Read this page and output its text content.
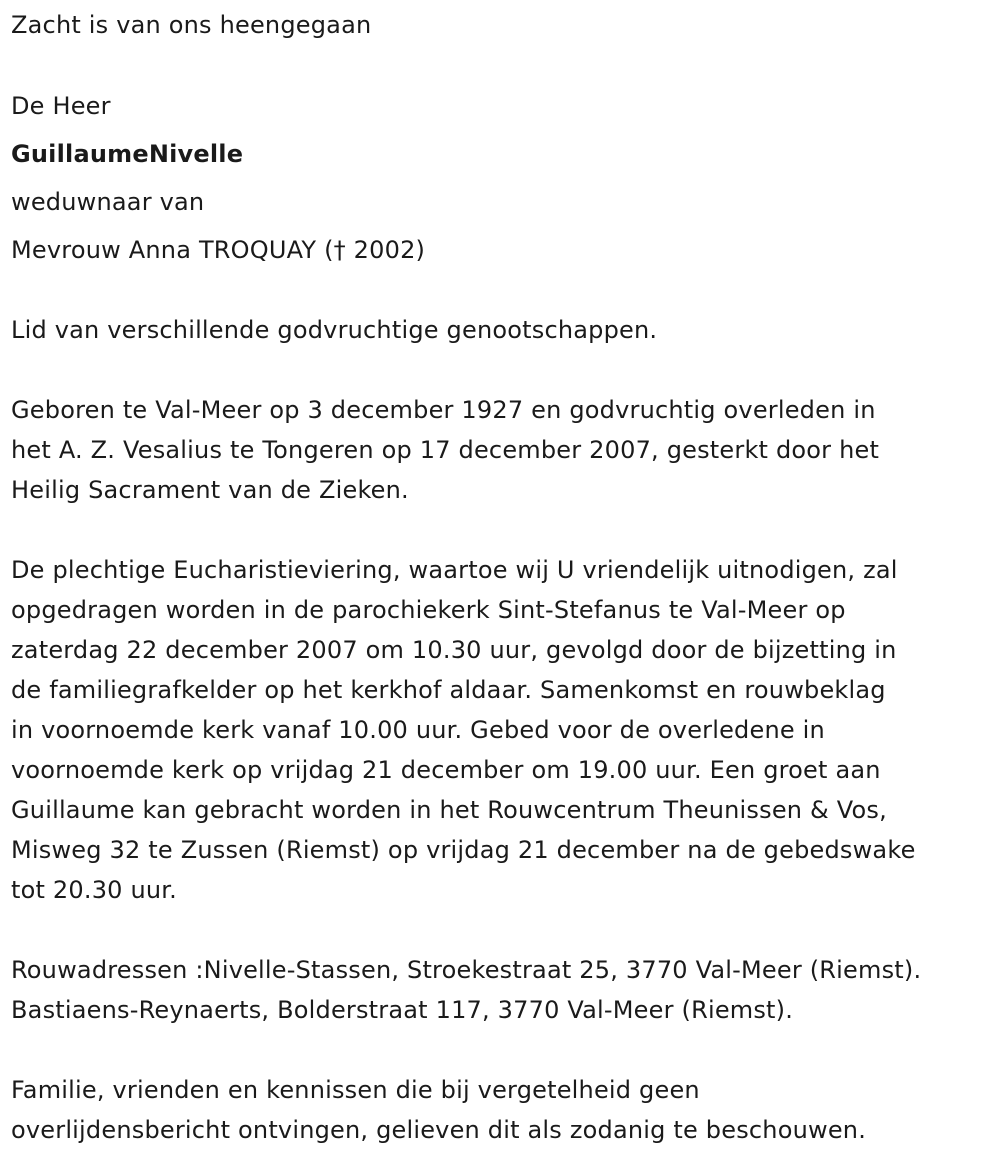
Zacht is van ons heengegaan

De Heer

GuillaumeNivelle

weduwnaar van

Mevrouw Anna TROQUAY († 2002)

Lid van verschillende godvruchtige genootschappen.

Geboren te Val-Meer op 3 december 1927 en godvruchtig overleden in

het A. Z. Vesalius te Tongeren op 17 december 2007, gesterkt door het

Heilig Sacrament van de Zieken.

De plechtige Eucharistieviering, waartoe wij U vriendelijk uitnodigen, zal

opgedragen worden in de parochiekerk Sint-Stefanus te Val-Meer op

zaterdag 22 december 2007 om 10.30 uur, gevolgd door de bijzetting in

de familiegrafkelder op het kerkhof aldaar. Samenkomst en rouwbeklag

in voornoemde kerk vanaf 10.00 uur. Gebed voor de overledene in

voornoemde kerk op vrijdag 21 december om 19.00 uur. Een groet aan

Guillaume kan gebracht worden in het Rouwcentrum Theunissen & Vos,

Misweg 32 te Zussen (Riemst) op vrijdag 21 december na de gebedswake

tot 20.30 uur.

Rouwadressen :Nivelle-Stassen, Stroekestraat 25, 3770 Val-Meer (Riemst).

Bastiaens-Reynaerts, Bolderstraat 117, 3770 Val-Meer (Riemst).

Familie, vrienden en kennissen die bij vergetelheid geen

overlijdensbericht ontvingen, gelieven dit als zodanig te beschouwen.
